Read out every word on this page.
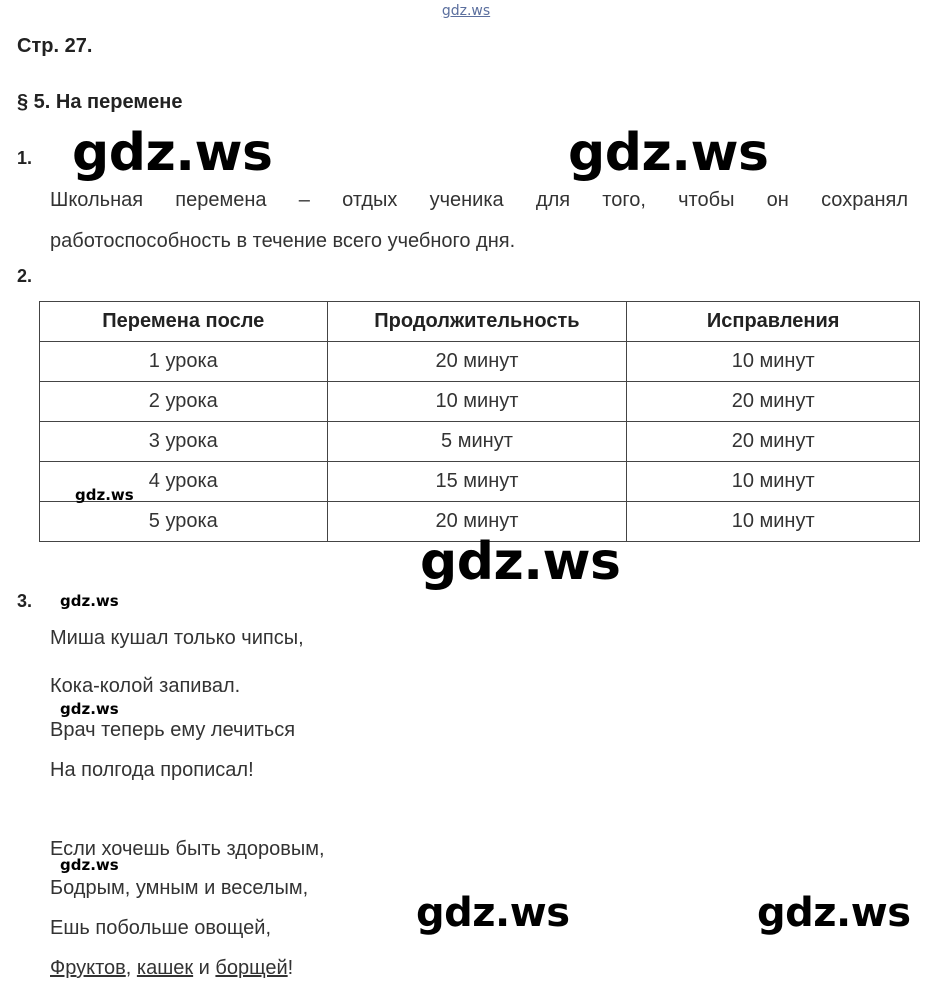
gdz.ws
Стр. 27.
§ 5. На перемене
1. gdz.ws	gdz.ws
Школьная перемена – отдых ученика для того, чтобы он сохранял
работоспособность в течение всего учебного дня.
2.
Перемена после	Продолжительность	Исправления
1 урока	20 минут	10 минут
2 урока	10 минут	20 минут
3 урока	5 минут	20 минут
4 урока	15 минут	10 минут
5 урока	20 минут	10 минут
gdz.ws
gdz.ws
3. gdz.ws
Миша кушал только чипсы,
Кока-колой запивал.
gdz.ws
Врач теперь ему лечиться
На полгода прописал!
Если хочешь быть здоровым,
gdz.ws
Бодрым, умным и веселым,
Ешь побольше овощей,
Фруктов, кашек и борщей!
gdz.ws	gdz.ws
